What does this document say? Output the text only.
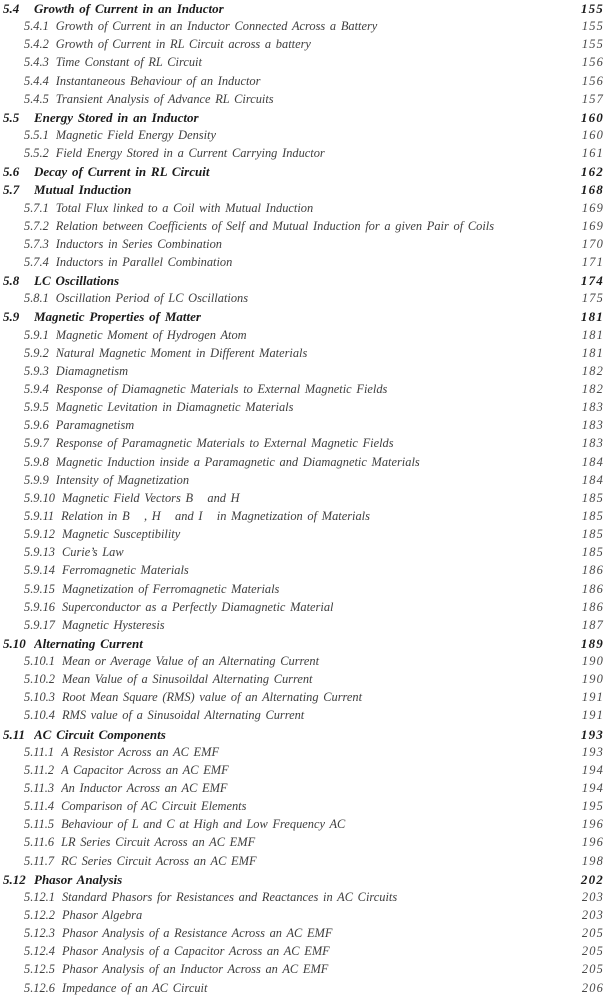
5.4	Growth of Current in an Inductor	155
5.4.1 Growth of Current in an Inductor Connected Across a Battery	155
5.4.2 Growth of Current in RL Circuit across a battery	155
5.4.3 Time Constant of RL Circuit	156
5.4.4 Instantaneous Behaviour of an Inductor	156
5.4.5 Transient Analysis of Advance RL Circuits	157
5.5	Energy Stored in an Inductor	160
5.5.1 Magnetic Field Energy Density	160
5.5.2 Field Energy Stored in a Current Carrying Inductor	161
5.6	Decay of Current in RL Circuit	162
5.7	Mutual Induction	168
5.7.1 Total Flux linked to a Coil with Mutual Induction	169
5.7.2 Relation between Coefficients of Self and Mutual Induction for a given Pair of Coils	169
5.7.3 Inductors in Series Combination	170
5.7.4 Inductors in Parallel Combination	171
5.8	LC Oscillations	174
5.8.1 Oscillation Period of LC Oscillations	175
5.9	Magnetic Properties of Matter	181
5.9.1 Magnetic Moment of Hydrogen Atom	181
5.9.2 Natural Magnetic Moment in Different Materials	181
5.9.3 Diamagnetism	182
5.9.4 Response of Diamagnetic Materials to External Magnetic Fields	182
5.9.5 Magnetic Levitation in Diamagnetic Materials	183
5.9.6 Paramagnetism	183
5.9.7 Response of Paramagnetic Materials to External Magnetic Fields	183
5.9.8 Magnetic Induction inside a Paramagnetic and Diamagnetic Materials	184
5.9.9 Intensity of Magnetization	184
5.9.10 Magnetic Field Vectors B⃗ and H⃗	185
5.9.11 Relation in B⃗ , H⃗ and I⃗ in Magnetization of Materials	185
5.9.12 Magnetic Susceptibility	185
5.9.13 Curie’s Law	185
5.9.14 Ferromagnetic Materials	186
5.9.15 Magnetization of Ferromagnetic Materials	186
5.9.16 Superconductor as a Perfectly Diamagnetic Material	186
5.9.17 Magnetic Hysteresis	187
5.10 Alternating Current	189
5.10.1 Mean or Average Value of an Alternating Current	190
5.10.2 Mean Value of a Sinusoildal Alternating Current	190
5.10.3 Root Mean Square (RMS) value of an Alternating Current	191
5.10.4 RMS value of a Sinusoidal Alternating Current	191
5.11 AC Circuit Components	193
5.11.1 A Resistor Across an AC EMF	193
5.11.2 A Capacitor Across an AC EMF	194
5.11.3 An Inductor Across an AC EMF	194
5.11.4 Comparison of AC Circuit Elements	195
5.11.5 Behaviour of L and C at High and Low Frequency AC	196
5.11.6 LR Series Circuit Across an AC EMF	196
5.11.7 RC Series Circuit Across an AC EMF	198
5.12 Phasor Analysis	202
5.12.1 Standard Phasors for Resistances and Reactances in AC Circuits	203
5.12.2 Phasor Algebra	203
5.12.3 Phasor Analysis of a Resistance Across an AC EMF	205
5.12.4 Phasor Analysis of a Capacitor Across an AC EMF	205
5.12.5 Phasor Analysis of an Inductor Across an AC EMF	205
5.12.6 Impedance of an AC Circuit	206
